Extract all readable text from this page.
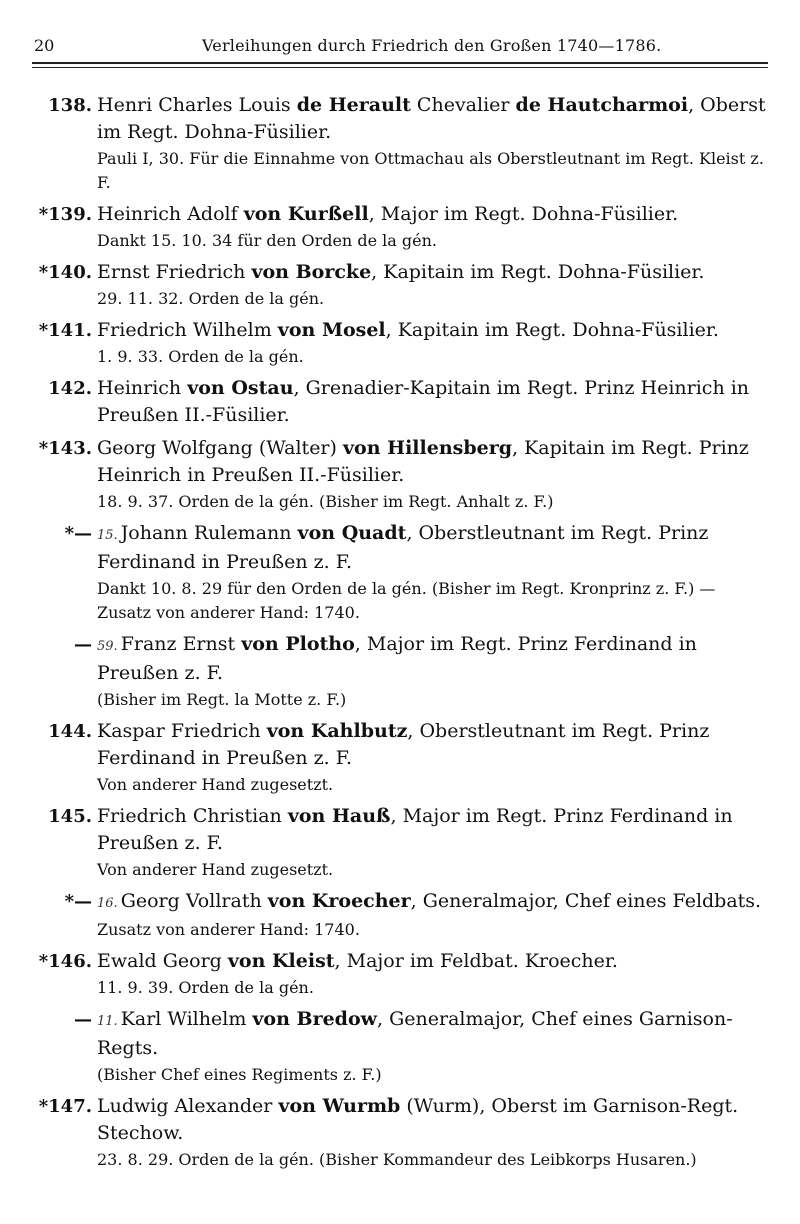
20	Verleihungen durch Friedrich den Großen 1740—1786.
138. Henri Charles Louis de Herault Chevalier de Hautcharmoi, Oberst im Regt. Dohna-Füsilier.
Pauli I, 30. Für die Einnahme von Ottmachau als Oberstleutnant im Regt. Kleist z. F.
*139. Heinrich Adolf von Kurßell, Major im Regt. Dohna-Füsilier.
Dankt 15. 10. 34 für den Orden de la gén.
*140. Ernst Friedrich von Borcke, Kapitain im Regt. Dohna-Füsilier.
29. 11. 32. Orden de la gén.
*141. Friedrich Wilhelm von Mosel, Kapitain im Regt. Dohna-Füsilier.
1. 9. 33. Orden de la gén.
142. Heinrich von Ostau, Grenadier-Kapitain im Regt. Prinz Heinrich in Preußen II.-Füsilier.
*143. Georg Wolfgang (Walter) von Hillensberg, Kapitain im Regt. Prinz Heinrich in Preußen II.-Füsilier.
18. 9. 37. Orden de la gén. (Bisher im Regt. Anhalt z. F.)
*— 15. Johann Rulemann von Quadt, Oberstleutnant im Regt. Prinz Ferdinand in Preußen z. F.
Dankt 10. 8. 29 für den Orden de la gén. (Bisher im Regt. Kronprinz z. F.) — Zusatz von anderer Hand: 1740.
— 59. Franz Ernst von Plotho, Major im Regt. Prinz Ferdinand in Preußen z. F.
(Bisher im Regt. la Motte z. F.)
144. Kaspar Friedrich von Kahlbutz, Oberstleutnant im Regt. Prinz Ferdinand in Preußen z. F.
Von anderer Hand zugesetzt.
145. Friedrich Christian von Hauß, Major im Regt. Prinz Ferdinand in Preußen z. F.
Von anderer Hand zugesetzt.
*— 16. Georg Vollrath von Kroecher, Generalmajor, Chef eines Feldbats.
Zusatz von anderer Hand: 1740.
*146. Ewald Georg von Kleist, Major im Feldbat. Kroecher.
11. 9. 39. Orden de la gén.
— 11. Karl Wilhelm von Bredow, Generalmajor, Chef eines Garnison-Regts.
(Bisher Chef eines Regiments z. F.)
*147. Ludwig Alexander von Wurmb (Wurm), Oberst im Garnison-Regt. Stechow.
23. 8. 29. Orden de la gén. (Bisher Kommandeur des Leibkorps Husaren.)
